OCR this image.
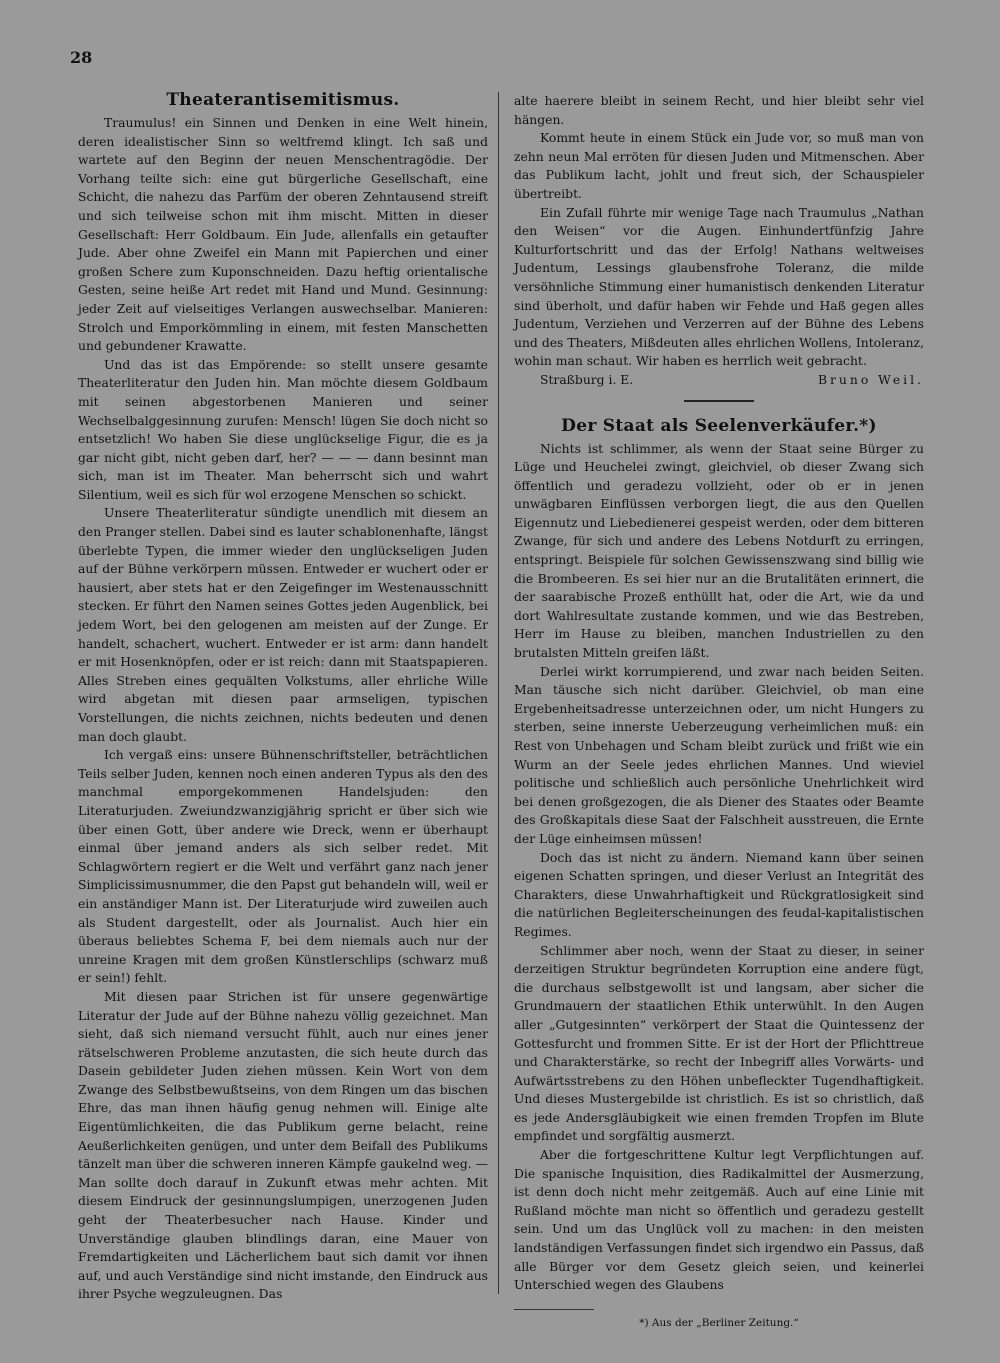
28
Theaterantisemitismus.

Traumulus! ein Sinnen und Denken in eine Welt hinein, deren idealistischer Sinn so weltfremd klingt. Ich saß und wartete auf den Beginn der neuen Menschentragödie. Der Vorhang teilte sich: eine gut bürgerliche Gesellschaft, eine Schicht, die nahezu das Parfüm der oberen Zehntausend streift und sich teilweise schon mit ihm mischt. Mitten in dieser Gesellschaft: Herr Goldbaum. Ein Jude, allenfalls ein getaufter Jude. Aber ohne Zweifel ein Mann mit Papierchen und einer großen Schere zum Kuponschneiden. Dazu heftig orientalische Gesten, seine heiße Art redet mit Hand und Mund. Gesinnung: jeder Zeit auf vielseitiges Verlangen auswechselbar. Manieren: Strolch und Emporkömmling in einem, mit festen Manschetten und gebundener Krawatte.

Und das ist das Empörende: so stellt unsere gesamte Theaterliteratur den Juden hin. Man möchte diesem Goldbaum mit seinen abgestorbenen Manieren und seiner Wechselbalggesinnung zurufen: Mensch! lügen Sie doch nicht so entsetzlich! Wo haben Sie diese unglückselige Figur, die es ja gar nicht gibt, nicht geben darf, her? — — — dann besinnt man sich, man ist im Theater. Man beherrscht sich und wahrt Silentium, weil es sich für wol erzogene Menschen so schickt.

Unsere Theaterliteratur sündigte unendlich mit diesem an den Pranger stellen. Dabei sind es lauter schablonenhafte, längst überlebte Typen, die immer wieder den unglückseligen Juden auf der Bühne verkörpern müssen. Entweder er wuchert oder er hausiert, aber stets hat er den Zeigefinger im Westenausschnitt stecken. Er führt den Namen seines Gottes jeden Augenblick, bei jedem Wort, bei den gelogenen am meisten auf der Zunge. Er handelt, schachert, wuchert. Entweder er ist arm: dann handelt er mit Hosenknöpfen, oder er ist reich: dann mit Staatspapieren. Alles Streben eines gequälten Volkstums, aller ehrliche Wille wird abgetan mit diesen paar armseligen, typischen Vorstellungen, die nichts zeichnen, nichts bedeuten und denen man doch glaubt.

Ich vergaß eins: unsere Bühnenschriftsteller, beträchtlichen Teils selber Juden, kennen noch einen anderen Typus als den des manchmal emporgekommenen Handelsjuden: den Literaturjuden. Zweiundzwanzigjährig spricht er über sich wie über einen Gott, über andere wie Dreck, wenn er überhaupt einmal über jemand anders als sich selber redet. Mit Schlagwörtern regiert er die Welt und verfährt ganz nach jener Simplicissimusnummer, die den Papst gut behandeln will, weil er ein anständiger Mann ist. Der Literaturjude wird zuweilen auch als Student dargestellt, oder als Journalist. Auch hier ein überaus beliebtes Schema F, bei dem niemals auch nur der unreine Kragen mit dem großen Künstlerschlips (schwarz muß er sein!) fehlt.

Mit diesen paar Strichen ist für unsere gegenwärtige Literatur der Jude auf der Bühne nahezu völlig gezeichnet. Man sieht, daß sich niemand versucht fühlt, auch nur eines jener rätselschweren Probleme anzutasten, die sich heute durch das Dasein gebildeter Juden ziehen müssen. Kein Wort von dem Zwange des Selbstbewußtseins, von dem Ringen um das bischen Ehre, das man ihnen häufig genug nehmen will. Einige alte Eigentümlichkeiten, die das Publikum gerne belacht, reine Aeußerlichkeiten genügen, und unter dem Beifall des Publikums tänzelt man über die schweren inneren Kämpfe gaukelnd weg. — Man sollte doch darauf in Zukunft etwas mehr achten. Mit diesem Eindruck der gesinnungslumpigen, unerzogenen Juden geht der Theaterbesucher nach Hause. Kinder und Unverständige glauben blindlings daran, eine Mauer von Fremdartigkeiten und Lächerlichem baut sich damit vor ihnen auf, und auch Verständige sind nicht imstande, den Eindruck aus ihrer Psyche wegzuleugnen. Das

alte haerere bleibt in seinem Recht, und hier bleibt sehr viel hängen.

Kommt heute in einem Stück ein Jude vor, so muß man von zehn neun Mal erröten für diesen Juden und Mitmenschen. Aber das Publikum lacht, johlt und freut sich, der Schauspieler übertreibt.

Ein Zufall führte mir wenige Tage nach Traumulus „Nathan den Weisen“ vor die Augen. Einhundertfünfzig Jahre Kulturfortschritt und das der Erfolg! Nathans weltweises Judentum, Lessings glaubensfrohe Toleranz, die milde versöhnliche Stimmung einer humanistisch denkenden Literatur sind überholt, und dafür haben wir Fehde und Haß gegen alles Judentum, Verziehen und Verzerren auf der Bühne des Lebens und des Theaters, Mißdeuten alles ehrlichen Wollens, Intoleranz, wohin man schaut. Wir haben es herrlich weit gebracht.

Straßburg i. E.	Bruno Weil.
Der Staat als Seelenverkäufer.*)

Nichts ist schlimmer, als wenn der Staat seine Bürger zu Lüge und Heuchelei zwingt, gleichviel, ob dieser Zwang sich öffentlich und geradezu vollzieht, oder ob er in jenen unwägbaren Einflüssen verborgen liegt, die aus den Quellen Eigennutz und Liebedienerei gespeist werden, oder dem bitteren Zwange, für sich und andere des Lebens Notdurft zu erringen, entspringt. Beispiele für solchen Gewissenszwang sind billig wie die Brombeeren. Es sei hier nur an die Brutalitäten erinnert, die der saarabische Prozeß enthüllt hat, oder die Art, wie da und dort Wahlresultate zustande kommen, und wie das Bestreben, Herr im Hause zu bleiben, manchen Industriellen zu den brutalsten Mitteln greifen läßt.

Derlei wirkt korrumpierend, und zwar nach beiden Seiten. Man täusche sich nicht darüber. Gleichviel, ob man eine Ergebenheitsadresse unterzeichnen oder, um nicht Hungers zu sterben, seine innerste Ueberzeugung verheimlichen muß: ein Rest von Unbehagen und Scham bleibt zurück und frißt wie ein Wurm an der Seele jedes ehrlichen Mannes. Und wieviel politische und schließlich auch persönliche Unehrlichkeit wird bei denen großgezogen, die als Diener des Staates oder Beamte des Großkapitals diese Saat der Falschheit ausstreuen, die Ernte der Lüge einheimsen müssen!

Doch das ist nicht zu ändern. Niemand kann über seinen eigenen Schatten springen, und dieser Verlust an Integrität des Charakters, diese Unwahrhaftigkeit und Rückgratlosigkeit sind die natürlichen Begleiterscheinungen des feudal-kapitalistischen Regimes.

Schlimmer aber noch, wenn der Staat zu dieser, in seiner derzeitigen Struktur begründeten Korruption eine andere fügt, die durchaus selbstgewollt ist und langsam, aber sicher die Grundmauern der staatlichen Ethik unterwühlt. In den Augen aller „Gutgesinnten“ verkörpert der Staat die Quintessenz der Gottesfurcht und frommen Sitte. Er ist der Hort der Pflichttreue und Charakterstärke, so recht der Inbegriff alles Vorwärts- und Aufwärtsstrebens zu den Höhen unbefleckter Tugendhaftigkeit. Und dieses Mustergebilde ist christlich. Es ist so christlich, daß es jede Andersgläubigkeit wie einen fremden Tropfen im Blute empfindet und sorgfältig ausmerzt.

Aber die fortgeschrittene Kultur legt Verpflichtungen auf. Die spanische Inquisition, dies Radikalmittel der Ausmerzung, ist denn doch nicht mehr zeitgemäß. Auch auf eine Linie mit Rußland möchte man nicht so öffentlich und geradezu gestellt sein. Und um das Unglück voll zu machen: in den meisten landständigen Verfassungen findet sich irgendwo ein Passus, daß alle Bürger vor dem Gesetz gleich seien, und keinerlei Unterschied wegen des Glaubens

*) Aus der „Berliner Zeitung.“
